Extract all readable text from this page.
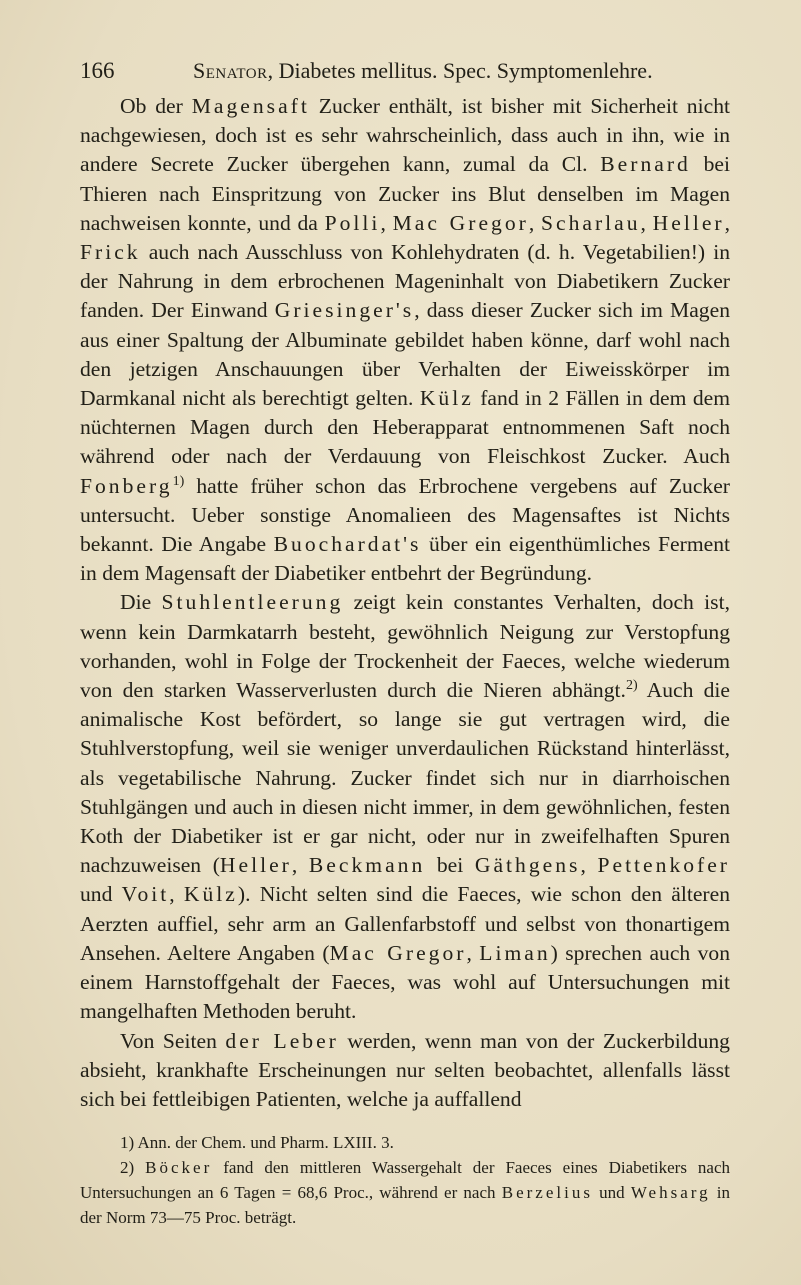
166	Senator, Diabetes mellitus. Spec. Symptomenlehre.

Ob der Magensaft Zucker enthält, ist bisher mit Sicherheit nicht nachgewiesen, doch ist es sehr wahrscheinlich, dass auch in ihn, wie in andere Secrete Zucker übergehen kann, zumal da Cl. Bernard bei Thieren nach Einspritzung von Zucker ins Blut denselben im Magen nachweisen konnte, und da Polli, Mac Gregor, Scharlau, Heller, Frick auch nach Ausschluss von Kohlehydraten (d. h. Vegetabilien!) in der Nahrung in dem erbrochenen Mageninhalt von Diabetikern Zucker fanden. Der Einwand Griesinger's, dass dieser Zucker sich im Magen aus einer Spaltung der Albuminate gebildet haben könne, darf wohl nach den jetzigen Anschauungen über Verhalten der Eiweisskörper im Darmkanal nicht als berechtigt gelten. Külz fand in 2 Fällen in dem dem nüchternen Magen durch den Heberapparat entnommenen Saft noch während oder nach der Verdauung von Fleischkost Zucker. Auch Fonberg$^{1)}$ hatte früher schon das Erbrochene vergebens auf Zucker untersucht. Ueber sonstige Anomalieen des Magensaftes ist Nichts bekannt. Die Angabe Buochardat's über ein eigenthümliches Ferment in dem Magensaft der Diabetiker entbehrt der Begründung.

Die Stuhlentleerung zeigt kein constantes Verhalten, doch ist, wenn kein Darmkatarrh besteht, gewöhnlich Neigung zur Verstopfung vorhanden, wohl in Folge der Trockenheit der Faeces, welche wiederum von den starken Wasserverlusten durch die Nieren abhängt.$^{2)}$ Auch die animalische Kost befördert, so lange sie gut vertragen wird, die Stuhlverstopfung, weil sie weniger unverdaulichen Rückstand hinterlässt, als vegetabilische Nahrung. Zucker findet sich nur in diarrhoischen Stuhlgängen und auch in diesen nicht immer, in dem gewöhnlichen, festen Koth der Diabetiker ist er gar nicht, oder nur in zweifelhaften Spuren nachzuweisen (Heller, Beckmann bei Gäthgens, Pettenkofer und Voit, Külz). Nicht selten sind die Faeces, wie schon den älteren Aerzten auffiel, sehr arm an Gallenfarbstoff und selbst von thonartigem Ansehen. Aeltere Angaben (Mac Gregor, Liman) sprechen auch von einem Harnstoffgehalt der Faeces, was wohl auf Untersuchungen mit mangelhaften Methoden beruht.

Von Seiten der Leber werden, wenn man von der Zuckerbildung absieht, krankhafte Erscheinungen nur selten beobachtet, allenfalls lässt sich bei fettleibigen Patienten, welche ja auffallend

1) Ann. der Chem. und Pharm. LXIII. 3.

2) Böcker fand den mittleren Wassergehalt der Faeces eines Diabetikers nach Untersuchungen an 6 Tagen = 68,6 Proc., während er nach Berzelius und Wehsarg in der Norm 73—75 Proc. beträgt.
